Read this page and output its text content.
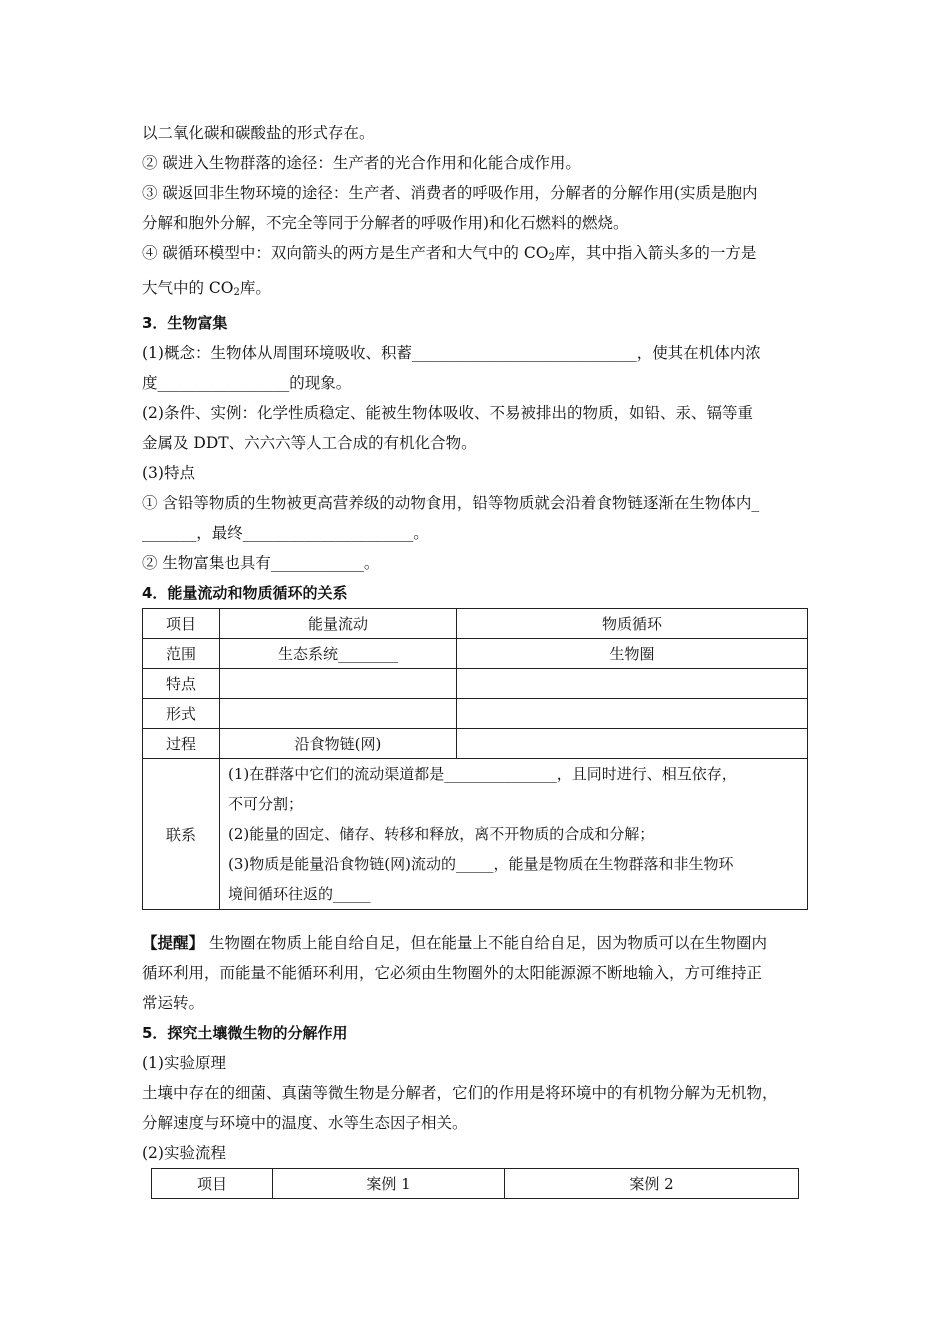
以二氧化碳和碳酸盐的形式存在。
② 碳进入生物群落的途径：生产者的光合作用和化能合成作用。
③ 碳返回非生物环境的途径：生产者、消费者的呼吸作用，分解者的分解作用(实质是胞内
分解和胞外分解，不完全等同于分解者的呼吸作用)和化石燃料的燃烧。
④ 碳循环模型中：双向箭头的两方是生产者和大气中的 $CO_2$库，其中指入箭头多的一方是
大气中的 $CO_2$库。
3．生物富集
(1)概念：生物体从周围环境吸收、积蓄_____________________________，使其在机体内浓
度_________________的现象。
(2)条件、实例：化学性质稳定、能被生物体吸收、不易被排出的物质，如铅、汞、镉等重
金属及 DDT、六六六等人工合成的有机化合物。
(3)特点
① 含铅等物质的生物被更高营养级的动物食用，铅等物质就会沿着食物链逐渐在生物体内_
_______，最终______________________。
② 生物富集也具有____________。
4．能量流动和物质循环的关系
项目	能量流动	物质循环
范围	生态系统________	生物圈
特点		
形式		
过程	沿食物链(网)	
联系	(1)在群落中它们的流动渠道都是_______________，且同时进行、相互依存，
不可分割；
(2)能量的固定、储存、转移和释放，离不开物质的合成和分解；
(3)物质是能量沿食物链(网)流动的_____，能量是物质在生物群落和非生物环
境间循环往返的_____	
【提醒】 生物圈在物质上能自给自足，但在能量上不能自给自足，因为物质可以在生物圈内
循环利用，而能量不能循环利用，它必须由生物圈外的太阳能源源不断地输入，方可维持正
常运转。
5．探究土壤微生物的分解作用
(1)实验原理
土壤中存在的细菌、真菌等微生物是分解者，它们的作用是将环境中的有机物分解为无机物，
分解速度与环境中的温度、水等生态因子相关。
(2)实验流程
项目	案例 1	案例 2
